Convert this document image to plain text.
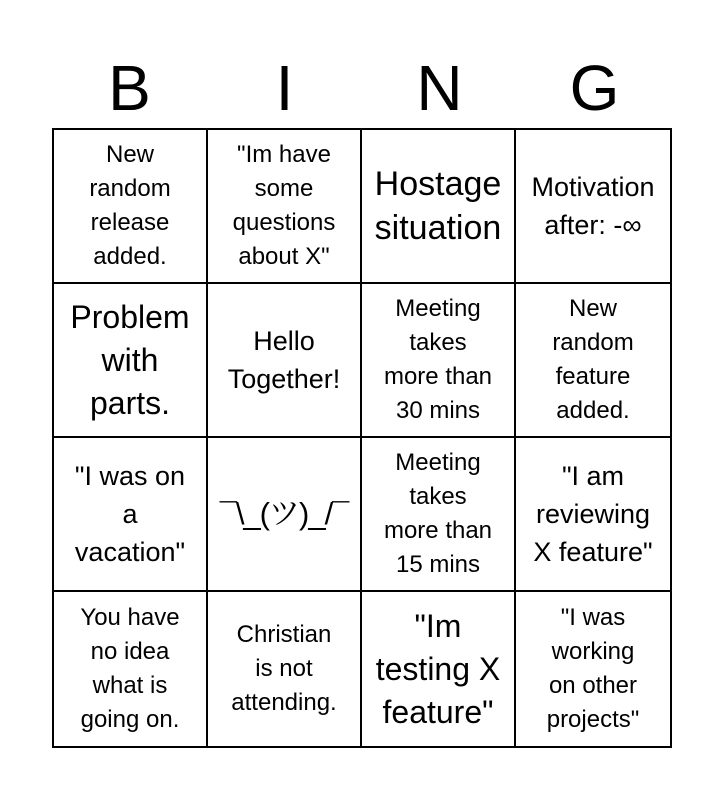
B	I	N	G
New
random
release
added.
"Im have
some
questions
about X"
Hostage
situation
Motivation
after: -∞
Problem
with
parts.
Hello
Together!
Meeting
takes
more than
30 mins
New
random
feature
added.
"I was on
a
vacation"
¯\_(ツ)_/¯
Meeting
takes
more than
15 mins
"I am
reviewing
X feature"
You have
no idea
what is
going on.
Christian
is not
attending.
"Im
testing X
feature"
"I was
working
on other
projects"
